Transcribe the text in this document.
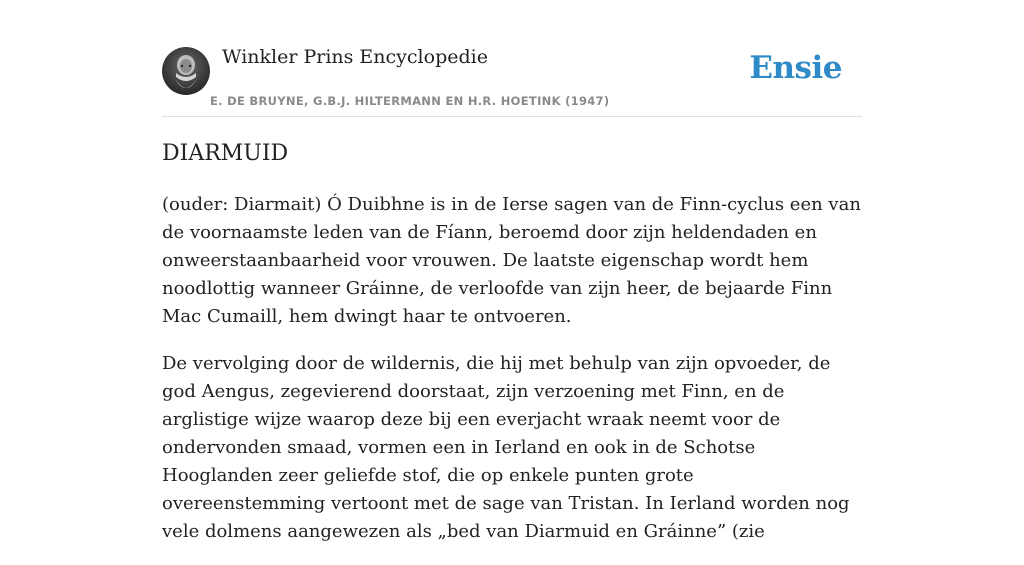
Winkler Prins Encyclopedie
E. DE BRUYNE, G.B.J. HILTERMANN EN H.R. HOETINK (1947)
Ensie
DIARMUID

(ouder: Diarmait) Ó Duibhne is in de Ierse sagen van de Finn-cyclus een van de voornaamste leden van de Fíann, beroemd door zijn heldendaden en onweerstaanbaarheid voor vrouwen. De laatste eigenschap wordt hem noodlottig wanneer Gráinne, de verloofde van zijn heer, de bejaarde Finn Mac Cumaill, hem dwingt haar te ontvoeren.

De vervolging door de wildernis, die hij met behulp van zijn opvoeder, de god Aengus, zegevierend doorstaat, zijn verzoening met Finn, en de arglistige wijze waarop deze bij een everjacht wraak neemt voor de ondervonden smaad, vormen een in Ierland en ook in de Schotse Hooglanden zeer geliefde stof, die op enkele punten grote overeenstemming vertoont met de sage van Tristan. In Ierland worden nog vele dolmens aangewezen als „bed van Diarmuid en Gráinne” (zie
